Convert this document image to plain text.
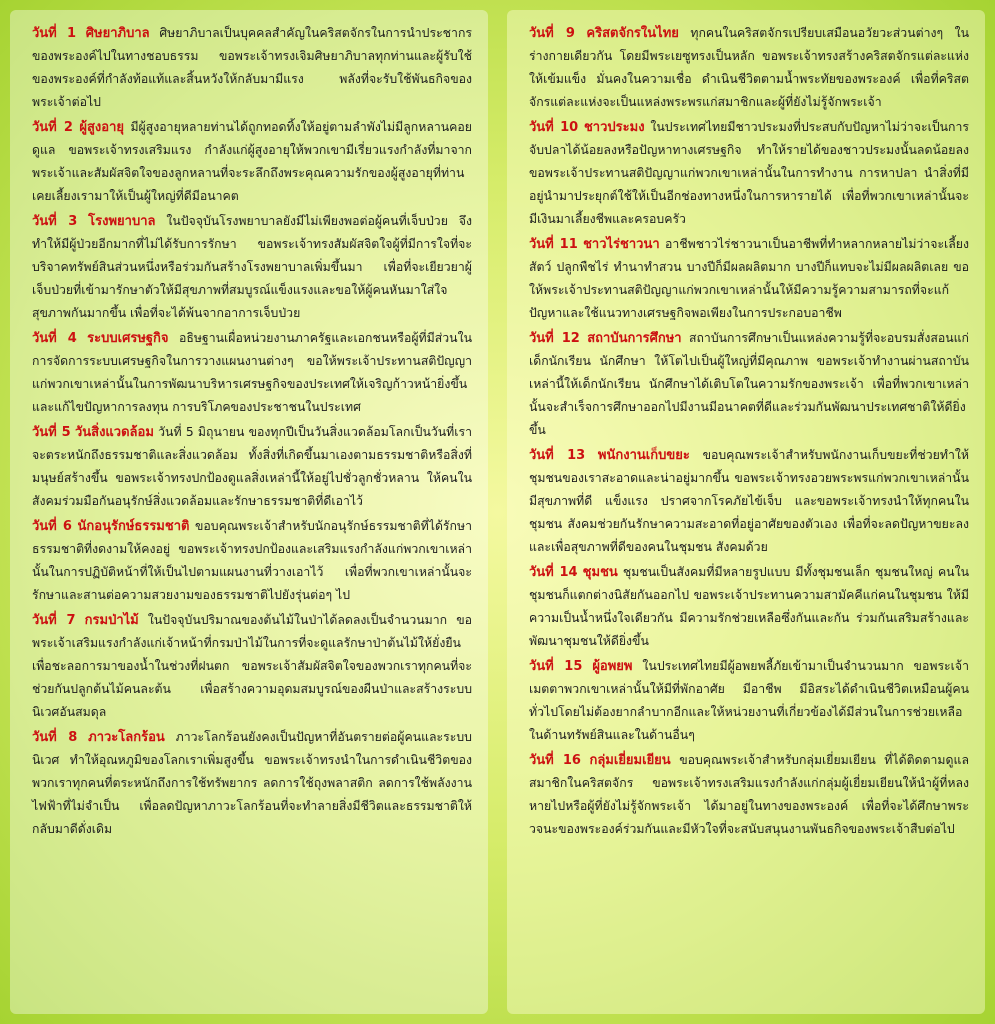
วันที่ 1 ศิษยาภิบาล ศิษยาภิบาลเป็นบุคคลสำคัญในคริสตจักรในการนำประชากรของพระองค์ไปในทางชอบธรรม ขอพระเจ้าทรงเจิมศิษยาภิบาลทุกท่านและผู้รับใช้ของพระองค์ที่กำลังท้อแท้และสิ้นหวังให้กลับมามีแรง พลังที่จะรับใช้พันธกิจของพระเจ้าต่อไป

วันที่ 2 ผู้สูงอายุ มีผู้สูงอายุหลายท่านได้ถูกทอดทิ้งให้อยู่ตามลำพังไม่มีลูกหลานคอยดูแล ขอพระเจ้าทรงเสริมแรง กำลังแก่ผู้สูงอายุให้พวกเขามีเรี่ยวแรงกำลังที่มาจากพระเจ้าและสัมผัสจิตใจของลูกหลานที่จะระลึกถึงพระคุณความรักของผู้สูงอายุที่ท่านเคยเลี้ยงเรามาให้เป็นผู้ใหญ่ที่ดีมีอนาคต

วันที่ 3 โรงพยาบาล ในปัจจุบันโรงพยาบาลยังมีไม่เพียงพอต่อผู้คนที่เจ็บป่วย จึงทำให้มีผู้ป่วยอีกมากที่ไม่ได้รับการรักษา ขอพระเจ้าทรงสัมผัสจิตใจผู้ที่มีการใจที่จะบริจาคทรัพย์สินส่วนหนึ่งหรือร่วมกันสร้างโรงพยาบาลเพิ่มขึ้นมา เพื่อที่จะเยียวยาผู้เจ็บป่วยที่เข้ามารักษาตัวให้มีสุขภาพที่สมบูรณ์แข็งแรงและขอให้ผู้คนหันมาใส่ใจสุขภาพกันมากขึ้น เพื่อที่จะได้พ้นจากอาการเจ็บป่วย

วันที่ 4 ระบบเศรษฐกิจ อธิษฐานเผื่อหน่วยงานภาครัฐและเอกชนหรือผู้ที่มีส่วนในการจัดการระบบเศรษฐกิจในการวางแผนงานต่างๆ ขอให้พระเจ้าประทานสติปัญญาแก่พวกเขาเหล่านั้นในการพัฒนาบริหารเศรษฐกิจของประเทศให้เจริญก้าวหน้ายิ่งขึ้นและแก้ไขปัญหาการลงทุน การบริโภคของประชาชนในประเทศ

วันที่ 5 วันสิ่งแวดล้อม วันที่ 5 มิถุนายน ของทุกปีเป็นวันสิ่งแวดล้อมโลกเป็นวันที่เราจะตระหนักถึงธรรมชาติและสิ่งแวดล้อม ทั้งสิ่งที่เกิดขึ้นมาเองตามธรรมชาติหรือสิ่งที่มนุษย์สร้างขึ้น ขอพระเจ้าทรงปกป้องดูแลสิ่งเหล่านี้ให้อยู่ไปชั่วลูกชั่วหลาน ให้คนในสังคมร่วมมือกันอนุรักษ์สิ่งแวดล้อมและรักษาธรรมชาติที่ดีเอาไว้

วันที่ 6 นักอนุรักษ์ธรรมชาติ ขอบคุณพระเจ้าสำหรับนักอนุรักษ์ธรรมชาติที่ได้รักษาธรรมชาติที่งดงามให้คงอยู่ ขอพระเจ้าทรงปกป้องและเสริมแรงกำลังแก่พวกเขาเหล่านั้นในการปฏิบัติหน้าที่ให้เป็นไปตามแผนงานที่วางเอาไว้ เพื่อที่พวกเขาเหล่านั้นจะรักษาและสานต่อความสวยงามของธรรมชาติไปยังรุ่นต่อๆ ไป

วันที่ 7 กรมป่าไม้ ในปัจจุบันปริมาณของต้นไม้ในป่าได้ลดลงเป็นจำนวนมาก ขอพระเจ้าเสริมแรงกำลังแก่เจ้าหน้าที่กรมป่าไม้ในการที่จะดูแลรักษาป่าต้นไม้ให้ยั่งยืนเพื่อชะลอการมาของน้ำในช่วงที่ฝนตก ขอพระเจ้าสัมผัสจิตใจของพวกเราทุกคนที่จะช่วยกันปลูกต้นไม้คนละต้น เพื่อสร้างความอุดมสมบูรณ์ของผืนป่าและสร้างระบบนิเวศอันสมดุล

วันที่ 8 ภาวะโลกร้อน ภาวะโลกร้อนยังคงเป็นปัญหาที่อันตรายต่อผู้คนและระบบนิเวศ ทำให้อุณหภูมิของโลกเราเพิ่มสูงขึ้น ขอพระเจ้าทรงนำในการดำเนินชีวิตของพวกเราทุกคนที่ตระหนักถึงการใช้ทรัพยากร ลดการใช้ถุงพลาสติก ลดการใช้พลังงานไฟฟ้าที่ไม่จำเป็น เพื่อลดปัญหาภาวะโลกร้อนที่จะทำลายสิ่งมีชีวิตและธรรมชาติให้กลับมาดีดั่งเดิม

วันที่ 9 คริสตจักรในไทย ทุกคนในคริสตจักรเปรียบเสมือนอวัยวะส่วนต่างๆ ในร่างกายเดียวกัน โดยมีพระเยซูทรงเป็นหลัก ขอพระเจ้าทรงสร้างคริสตจักรแต่ละแห่งให้เข้มแข็ง มั่นคงในความเชื่อ ดำเนินชีวิตตามน้ำพระทัยของพระองค์ เพื่อที่คริสตจักรแต่ละแห่งจะเป็นแหล่งพระพรแก่สมาชิกและผู้ที่ยังไม่รู้จักพระเจ้า

วันที่ 10 ชาวประมง ในประเทศไทยมีชาวประมงที่ประสบกับปัญหาไม่ว่าจะเป็นการจับปลาได้น้อยลงหรือปัญหาทางเศรษฐกิจ ทำให้รายได้ของชาวประมงนั้นลดน้อยลง ขอพระเจ้าประทานสติปัญญาแก่พวกเขาเหล่านั้นในการทำงาน การหาปลา นำสิ่งที่มีอยู่นำมาประยุกต์ใช้ให้เป็นอีกช่องทางหนึ่งในการหารายได้ เพื่อที่พวกเขาเหล่านั้นจะมีเงินมาเลี้ยงชีพและครอบครัว

วันที่ 11 ชาวไร่ชาวนา อาชีพชาวไร่ชาวนาเป็นอาชีพที่ทำหลากหลายไม่ว่าจะเลี้ยงสัตว์ ปลูกพืชไร่ ทำนาทำสวน บางปีก็มีผลผลิตมาก บางปีก็แทบจะไม่มีผลผลิตเลย ขอให้พระเจ้าประทานสติปัญญาแก่พวกเขาเหล่านั้นให้มีความรู้ความสามารถที่จะแก้ปัญหาและใช้แนวทางเศรษฐกิจพอเพียงในการประกอบอาชีพ

วันที่ 12 สถาบันการศึกษา สถาบันการศึกษาเป็นแหล่งความรู้ที่จะอบรมสั่งสอนแก่เด็กนักเรียน นักศึกษา ให้โตไปเป็นผู้ใหญ่ที่มีคุณภาพ ขอพระเจ้าทำงานผ่านสถาบันเหล่านี้ให้เด็กนักเรียน นักศึกษาได้เติบโตในความรักของพระเจ้า เพื่อที่พวกเขาเหล่านั้นจะสำเร็จการศึกษาออกไปมีงานมีอนาคตที่ดีและร่วมกันพัฒนาประเทศชาติให้ดียิ่งขึ้น

วันที่ 13 พนักงานเก็บขยะ ขอบคุณพระเจ้าสำหรับพนักงานเก็บขยะที่ช่วยทำให้ชุมชนของเราสะอาดและน่าอยู่มากขึ้น ขอพระเจ้าทรงอวยพระพรแก่พวกเขาเหล่านั้นมีสุขภาพที่ดี แข็งแรง ปราศจากโรคภัยไข้เจ็บ และขอพระเจ้าทรงนำให้ทุกคนในชุมชน สังคมช่วยกันรักษาความสะอาดที่อยู่อาศัยของตัวเอง เพื่อที่จะลดปัญหาขยะลงและเพื่อสุขภาพที่ดีของคนในชุมชน สังคมด้วย

วันที่ 14 ชุมชน ชุมชนเป็นสังคมที่มีหลายรูปแบบ มีทั้งชุมชนเล็ก ชุมชนใหญ่ คนในชุมชนก็แตกต่างนิสัยกันออกไป ขอพระเจ้าประทานความสามัคคีแก่คนในชุมชน ให้มีความเป็นน้ำหนึ่งใจเดียวกัน มีความรักช่วยเหลือซึ่งกันและกัน ร่วมกันเสริมสร้างและพัฒนาชุมชนให้ดียิ่งขึ้น

วันที่ 15 ผู้อพยพ ในประเทศไทยมีผู้อพยพลี้ภัยเข้ามาเป็นจำนวนมาก ขอพระเจ้าเมตตาพวกเขาเหล่านั้นให้มีที่พักอาศัย มีอาชีพ มีอิสระได้ดำเนินชีวิตเหมือนผู้คนทั่วไปโดยไม่ต้องยากลำบากอีกและให้หน่วยงานที่เกี่ยวข้องได้มีส่วนในการช่วยเหลือในด้านทรัพย์สินและในด้านอื่นๆ

วันที่ 16 กลุ่มเยี่ยมเยียน ขอบคุณพระเจ้าสำหรับกลุ่มเยี่ยมเยียน ที่ได้ติดตามดูแลสมาชิกในคริสตจักร ขอพระเจ้าทรงเสริมแรงกำลังแก่กลุ่มผู้เยี่ยมเยียนให้นำผู้ที่หลงหายไปหรือผู้ที่ยังไม่รู้จักพระเจ้า ได้มาอยู่ในทางของพระองค์ เพื่อที่จะได้ศึกษาพระวจนะของพระองค์ร่วมกันและมีหัวใจที่จะสนับสนุนงานพันธกิจของพระเจ้าสืบต่อไป
